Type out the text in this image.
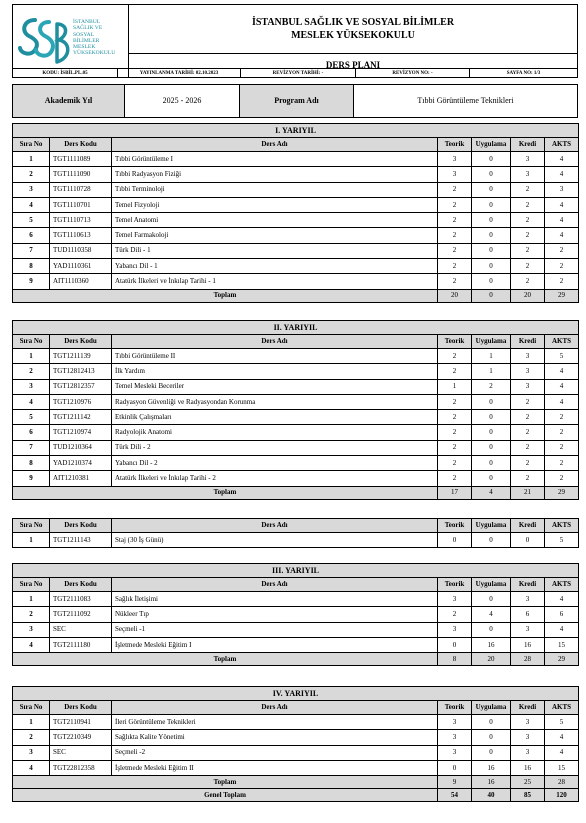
İSTANBUL
SAĞLIK VE
SOSYAL
BİLİMLER
MESLEK
YÜKSEKOKULU

İSTANBUL SAĞLIK VE SOSYAL BİLİMLER
MESLEK YÜKSEKOKULU

DERS PLANI
KODU: İSBİL.PL.05	YAYINLANMA TARİHİ: 02.10.2023	REVİZYON TARİHİ: -	REVİZYON NO: -	SAYFA NO: 1/3
Akademik Yıl	2025 - 2026	Program Adı	Tıbbi Görüntüleme Teknikleri
I. YARIYIL						
Sıra No	Ders Kodu	Ders Adı	Teorik	Uygulama	Kredi	AKTS
1	TGT1111089	Tıbbi Görüntüleme I	3	0	3	4
2	TGT1111090	Tıbbi Radyasyon Fiziği	3	0	3	4
3	TGT1110728	Tıbbi Terminoloji	2	0	2	3
4	TGT1110701	Temel Fizyoloji	2	0	2	4
5	TGT1110713	Temel Anatomi	2	0	2	4
6	TGT1110613	Temel Farmakoloji	2	0	2	4
7	TUD1110358	Türk Dili - 1	2	0	2	2
8	YAD1110361	Yabancı Dil - 1	2	0	2	2
9	AIT1110360	Atatürk İlkeleri ve İnkılap Tarihi - 1	2	0	2	2
Toplam			20	0	20	29
II. YARIYIL						
Sıra No	Ders Kodu	Ders Adı	Teorik	Uygulama	Kredi	AKTS
1	TGT1211139	Tıbbi Görüntüleme II	2	1	3	5
2	TGT12812413	İlk Yardım	2	1	3	4
3	TGT12812357	Temel Mesleki Beceriler	1	2	3	4
4	TGT1210976	Radyasyon Güvenliği ve Radyasyondan Korunma	2	0	2	4
5	TGT1211142	Etkinlik Çalışmaları	2	0	2	2
6	TGT1210974	Radyolojik Anatomi	2	0	2	2
7	TUD1210364	Türk Dili - 2	2	0	2	2
8	YAD1210374	Yabancı Dil - 2	2	0	2	2
9	AIT1210381	Atatürk İlkeleri ve İnkılap Tarihi - 2	2	0	2	2
Toplam			17	4	21	29
Sıra No	Ders Kodu	Ders Adı	Teorik	Uygulama	Kredi	AKTS
1	TGT1211143	Staj (30 İş Günü)	0	0	0	5
III. YARIYIL						
Sıra No	Ders Kodu	Ders Adı	Teorik	Uygulama	Kredi	AKTS
1	TGT2111083	Sağlık İletişimi	3	0	3	4
2	TGT2111092	Nükleer Tıp	2	4	6	6
3	SEC	Seçmeli -1	3	0	3	4
4	TGT2111180	İşletmede Mesleki Eğitim I	0	16	16	15
Toplam			8	20	28	29
IV. YARIYIL						
Sıra No	Ders Kodu	Ders Adı	Teorik	Uygulama	Kredi	AKTS
1	TGT2110941	İleri Görüntüleme Teknikleri	3	0	3	5
2	TGT2210349	Sağlıkta Kalite Yönetimi	3	0	3	4
3	SEC	Seçmeli -2	3	0	3	4
4	TGT22812358	İşletmede Mesleki Eğitim II	0	16	16	15
Toplam			9	16	25	28
Genel Toplam			54	40	85	120
